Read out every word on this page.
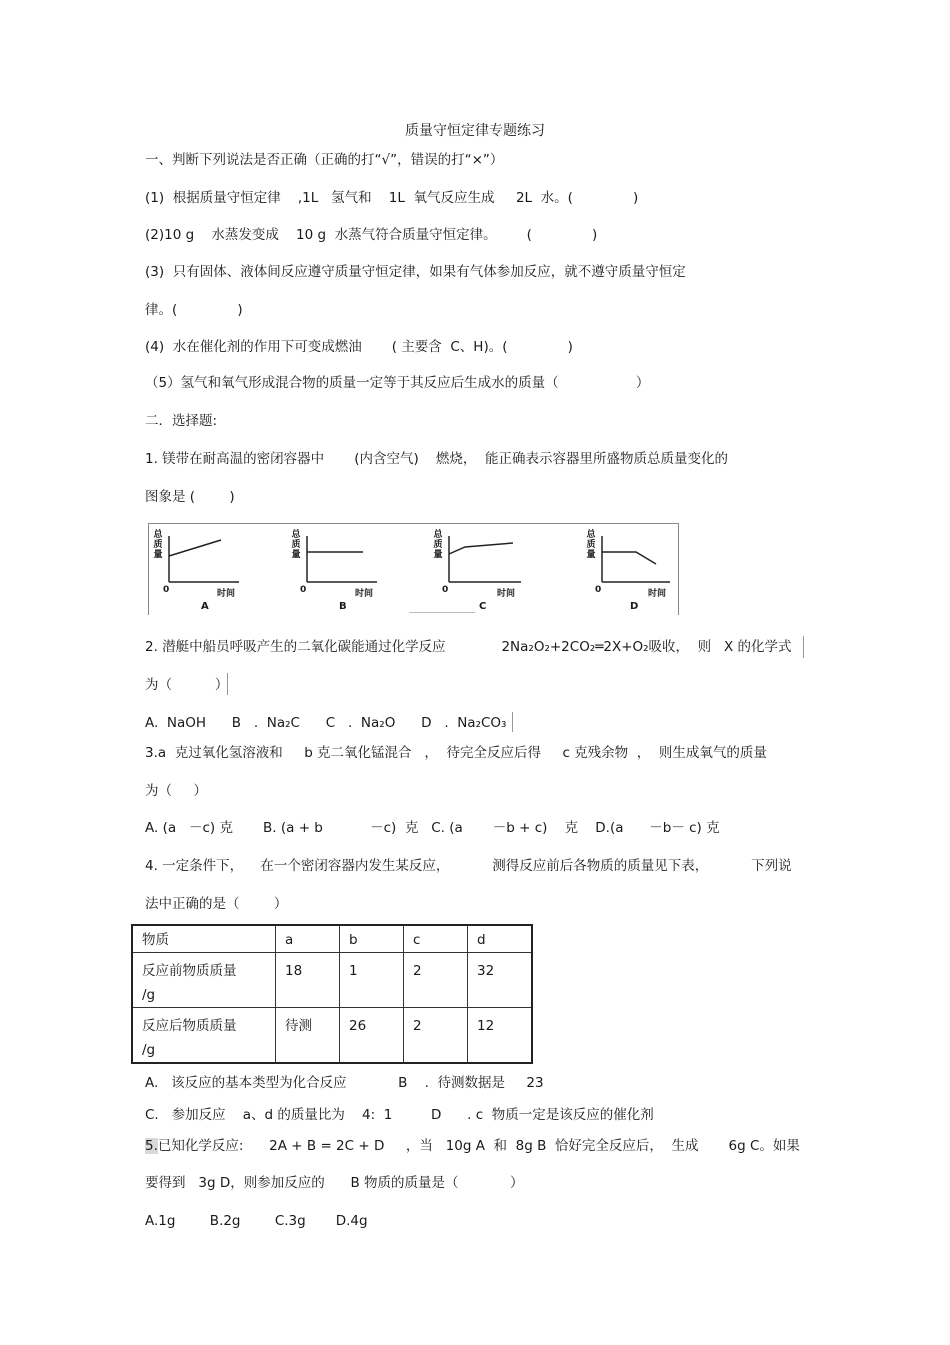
质量守恒定律专题练习
一、判断下列说法是否正确（正确的打“√”，错误的打“×”）
(1)  根据质量守恒定律    ,1L   氢气和    1L  氧气反应生成     2L  水。(              )
(2)10 g    水蒸发变成    10 g  水蒸气符合质量守恒定律。       (              )
(3)  只有固体、液体间反应遵守质量守恒定律，如果有气体参加反应，就不遵守质量守恒定
律。(              )
(4)  水在催化剂的作用下可变成燃油       ( 主要含  C、H)。(              )
（5）氢气和氧气形成混合物的质量一定等于其反应后生成水的质量（                  ）
二．选择题:
1. 镁带在耐高温的密闭容器中       (内含空气)    燃烧，  能正确表示容器里所盛物质总质量变化的
图象是 (        )
总质量
0	时间
A
总质量
0	时间
B
总质量
0	时间
C
总质量
0	时间
D
2. 潜艇中船员呼吸产生的二氧化碳能通过化学反应             2Na₂O₂+2CO₂═2X+O₂吸收，  则   X 的化学式
为（          ）
A.  NaOH      B   .  Na₂C      C   .  Na₂O      D   .  Na₂CO₃
3.a  克过氧化氢溶液和     b 克二氧化锰混合   ，  待完全反应后得     c 克残余物  ，  则生成氧气的质量
为（     ）
A. (a   －c) 克       B. (a + b           －c)  克   C. (a       －b + c)    克    D.(a      －b－ c) 克
4. 一定条件下，    在一个密闭容器内发生某反应，          测得反应前后各物质的质量见下表，          下列说
法中正确的是（        ）
物质	a	b	c	d

反应前物质质量
/g	18	1	2	32

反应后物质质量
/g	待测	26	2	12
A.   该反应的基本类型为化合反应            B    .  待测数据是     23
C.   参加反应    a、d 的质量比为    4:  1         D      . c  物质一定是该反应的催化剂
5.已知化学反应:      2A + B = 2C + D     ，当   10g A  和  8g B  恰好完全反应后，  生成       6g C。如果
要得到   3g D，则参加反应的      B 物质的质量是（            ）
A.1g        B.2g        C.3g       D.4g
